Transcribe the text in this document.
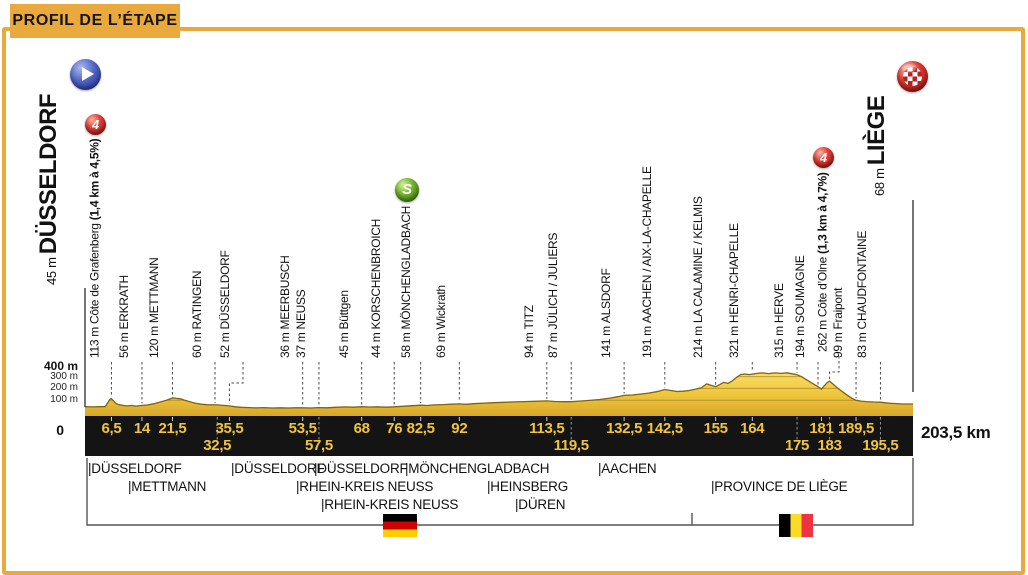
PROFIL DE L’ÉTAPE
6,5 14 21,5
32,5
35,5	53,5
57,5
68 76 82,5 92	113,5
119,5
132,5 142,5 155 164
175
181
183
189,5
195,5
0	203,5 km
45 m DÜSSELDORF
113 m Côte de Grafenberg (1,4 km à 4,5%)4
56 m ERKRATH
120 m METTMANN
60 m RATINGEN
52 m DÜSSELDORF
36 m MEERBUSCH
37 m NEUSS
45 m Büttgen
44 m KORSCHENBROICH
58 m MÖNCHENGLADBACHS
69 m Wickrath
94 m TITZ
87 m JÜLICH / JULIERS
141 m ALSDORF
191 m AACHEN / AIX-LA-CHAPELLE
214 m LA CALAMINE / KELMIS
321 m HENRI-CHAPELLE
315 m HERVE
194 m SOUMAGNE
262 m Côte d’Olne (1,3 km à 4,7%)4
99 m Fraipont
83 m CHAUDFONTAINE
68 m LIÈGE
400 m
300 m
200 m
100 m
|DÜSSELDORF
|METTMANN
|DÜSSELDORF
|RHEIN-KREIS NEUSS
|DÜSSELDORF
|RHEIN-KREIS NEUSS
|MÖNCHENGLADBACH
|HEINSBERG
|DÜREN
|AACHEN
|PROVINCE DE LIÈGE
